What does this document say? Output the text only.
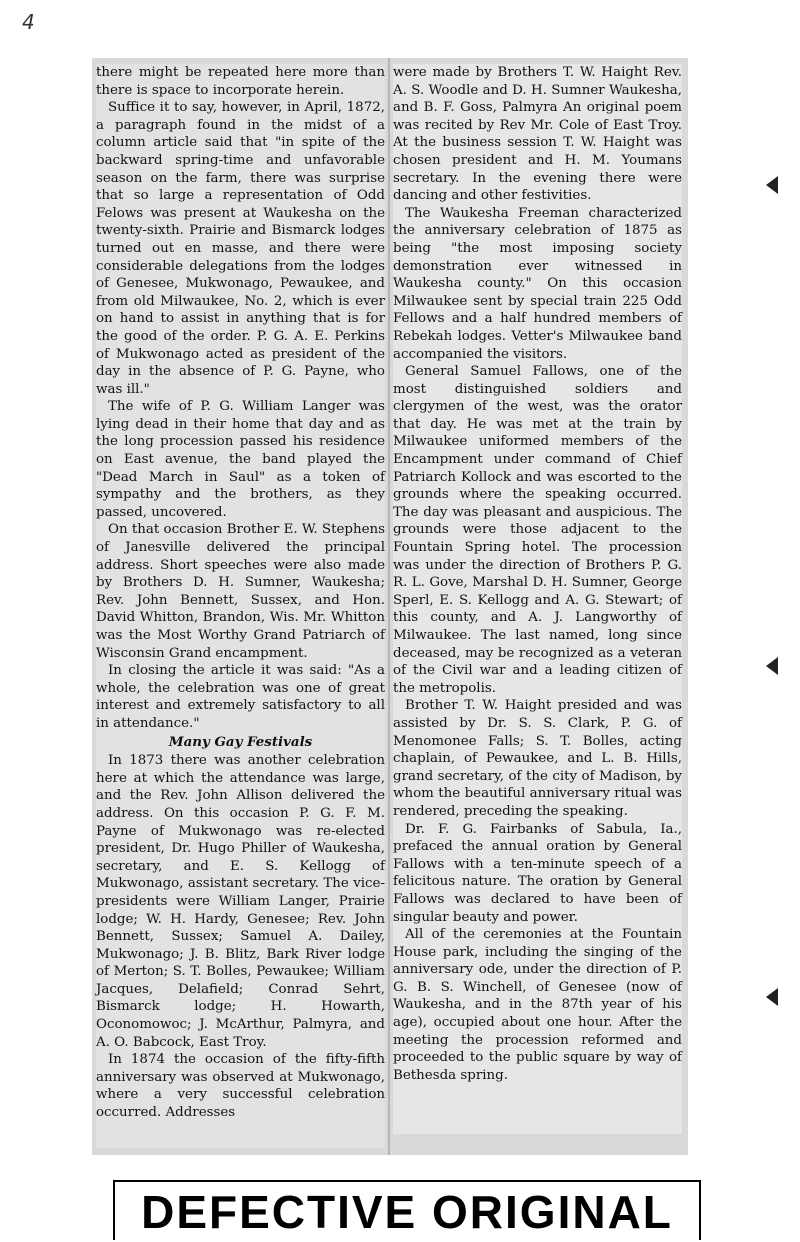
4

there might be repeated here more than there is space to incorporate herein.

Suffice it to say, however, in April, 1872, a paragraph found in the midst of a column article said that "in spite of the backward spring-time and unfavorable season on the farm, there was surprise that so large a representation of Odd Felows was present at Waukesha on the twenty-sixth. Prairie and Bismarck lodges turned out en masse, and there were considerable delegations from the lodges of Genesee, Mukwonago, Pewaukee, and from old Milwaukee, No. 2, which is ever on hand to assist in anything that is for the good of the order. P. G. A. E. Perkins of Mukwonago acted as president of the day in the absence of P. G. Payne, who was ill."

The wife of P. G. William Langer was lying dead in their home that day and as the long procession passed his residence on East avenue, the band played the "Dead March in Saul" as a token of sympathy and the brothers, as they passed, uncovered.

On that occasion Brother E. W. Stephens of Janesville delivered the principal address. Short speeches were also made by Brothers D. H. Sumner, Waukesha; Rev. John Bennett, Sussex, and Hon. David Whitton, Brandon, Wis. Mr. Whitton was the Most Worthy Grand Patriarch of Wisconsin Grand encampment.

In closing the article it was said: "As a whole, the celebration was one of great interest and extremely satisfactory to all in attendance."

Many Gay Festivals

In 1873 there was another celebration here at which the attendance was large, and the Rev. John Allison delivered the address. On this occasion P. G. F. M. Payne of Mukwonago was re-elected president, Dr. Hugo Philler of Waukesha, secretary, and E. S. Kellogg of Mukwonago, assistant secretary. The vice-presidents were William Langer, Prairie lodge; W. H. Hardy, Genesee; Rev. John Bennett, Sussex; Samuel A. Dailey, Mukwonago; J. B. Blitz, Bark River lodge of Merton; S. T. Bolles, Pewaukee; William Jacques, Delafield; Conrad Sehrt, Bismarck lodge; H. Howarth, Oconomowoc; J. McArthur, Palmyra, and A. O. Babcock, East Troy.

In 1874 the occasion of the fifty-fifth anniversary was observed at Mukwonago, where a very successful celebration occurred. Addresses

were made by Brothers T. W. Haight Rev. A. S. Woodle and D. H. Sumner Waukesha, and B. F. Goss, Palmyra An original poem was recited by Rev Mr. Cole of East Troy. At the business session T. W. Haight was chosen president and H. M. Youmans secretary. In the evening there were dancing and other festivities.

The Waukesha Freeman characterized the anniversary celebration of 1875 as being "the most imposing society demonstration ever witnessed in Waukesha county." On this occasion Milwaukee sent by special train 225 Odd Fellows and a half hundred members of Rebekah lodges. Vetter's Milwaukee band accompanied the visitors.

General Samuel Fallows, one of the most distinguished soldiers and clergymen of the west, was the orator that day. He was met at the train by Milwaukee uniformed members of the Encampment under command of Chief Patriarch Kollock and was escorted to the grounds where the speaking occurred. The day was pleasant and auspicious. The grounds were those adjacent to the Fountain Spring hotel. The procession was under the direction of Brothers P. G. R. L. Gove, Marshal D. H. Sumner, George Sperl, E. S. Kellogg and A. G. Stewart; of this county, and A. J. Langworthy of Milwaukee. The last named, long since deceased, may be recognized as a veteran of the Civil war and a leading citizen of the metropolis.

Brother T. W. Haight presided and was assisted by Dr. S. S. Clark, P. G. of Menomonee Falls; S. T. Bolles, acting chaplain, of Pewaukee, and L. B. Hills, grand secretary, of the city of Madison, by whom the beautiful anniversary ritual was rendered, preceding the speaking.

Dr. F. G. Fairbanks of Sabula, Ia., prefaced the annual oration by General Fallows with a ten-minute speech of a felicitous nature. The oration by General Fallows was declared to have been of singular beauty and power.

All of the ceremonies at the Fountain House park, including the singing of the anniversary ode, under the direction of P. G. B. S. Winchell, of Genesee (now of Waukesha, and in the 87th year of his age), occupied about one hour. After the meeting the procession reformed and proceeded to the public square by way of Bethesda spring.

DEFECTIVE ORIGINAL
